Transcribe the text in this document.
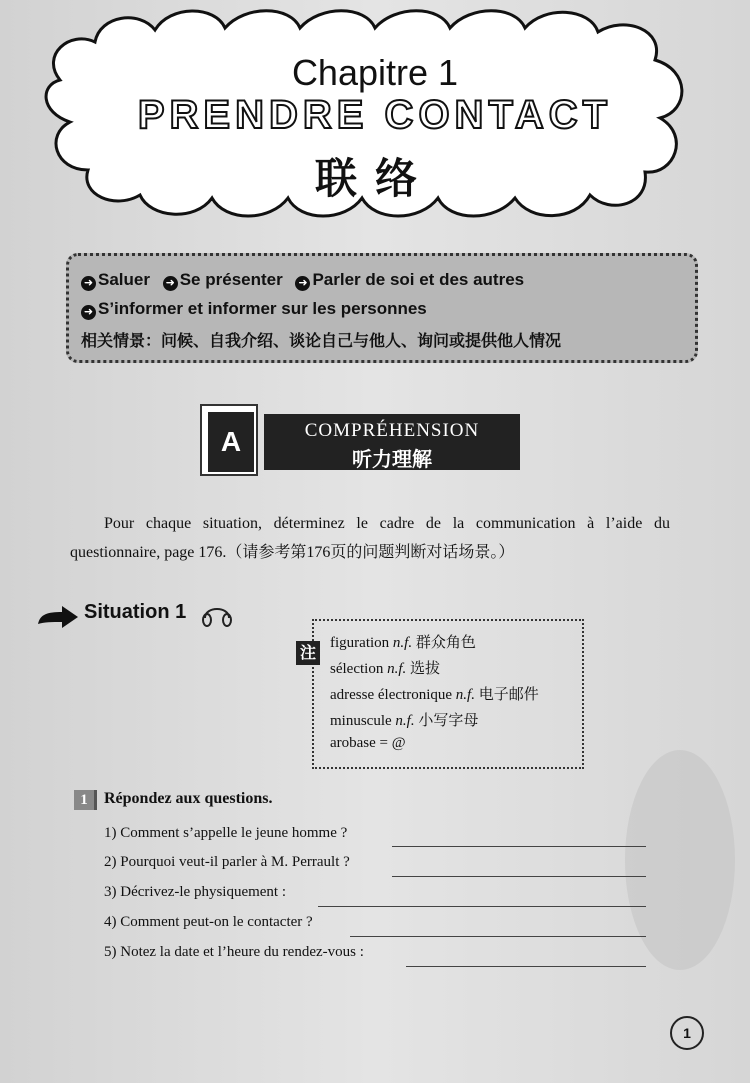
Chapitre 1
PRENDRE CONTACT
联络
➜ Saluer ➜ Se présenter ➜ Parler de soi et des autres
➜ S’informer et informer sur les personnes
相关情景：问候、自我介绍、谈论自己与他人、询问或提供他人情况
A	COMPRÉHENSION
听力理解
Pour chaque situation, déterminez le cadre de la communication à l’aide du questionnaire, page 176.（请参考第176页的问题判断对话场景。）
Situation 1
注 figuration n.f. 群众角色
sélection n.f. 选拔
adresse électronique n.f. 电子邮件
minuscule n.f. 小写字母
arobase = @
1	Répondez aux questions.
1) Comment s’appelle le jeune homme ?
2) Pourquoi veut-il parler à M. Perrault ?
3) Décrivez-le physiquement :
4) Comment peut-on le contacter ?
5) Notez la date et l’heure du rendez-vous :
1
